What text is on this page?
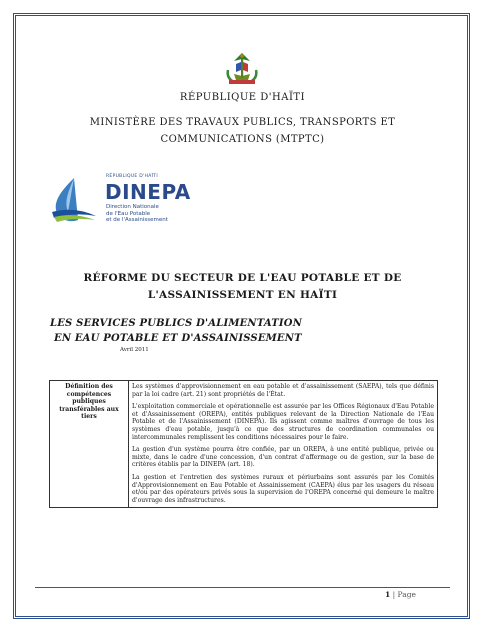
RÉPUBLIQUE D'HAÏTI
MINISTÈRE DES TRAVAUX PUBLICS, TRANSPORTS ET
COMMUNICATIONS (MTPTC)
RÉPUBLIQUE D'HAÏTI
DINEPA
Direction Nationale
de l'Eau Potable
et de l'Assainissement
RÉFORME DU SECTEUR DE L'EAU POTABLE ET DE
L'ASSAINISSEMENT EN HAÏTI
LES SERVICES PUBLICS D'ALIMENTATION
EN EAU POTABLE ET D'ASSAINISSEMENT
Avril 2011
Définition des compétences publiques transférables aux tiers	

Les systèmes d'approvisionnement en eau potable et d'assainissement (SAEPA), tels que définis par la loi cadre (art. 21) sont propriétés de l'État.

L'exploitation commerciale et opérationnelle est assurée par les Offices Régionaux d'Eau Potable et d'Assainissement (OREPA), entités publiques relevant de la Direction Nationale de l'Eau Potable et de l'Assainissement (DINEPA). Ils agissent comme maîtres d'ouvrage de tous les systèmes d'eau potable, jusqu'à ce que des structures de coordination communales ou intercommunales remplissent les conditions nécessaires pour le faire.

La gestion d'un système pourra être confiée, par un OREPA, à une entité publique, privée ou mixte, dans le cadre d'une concession, d'un contrat d'affermage ou de gestion, sur la base de critères établis par la DINEPA (art. 18).

La gestion et l'entretien des systèmes ruraux et périurbains sont assurés par les Comités d'Approvisionnement en Eau Potable et Assainissement (CAEPA) élus par les usagers du réseau et/ou par des opérateurs privés sous la supervision de l'OREPA concerné qui demeure le maître d'ouvrage des infrastructures.

1 | Page
